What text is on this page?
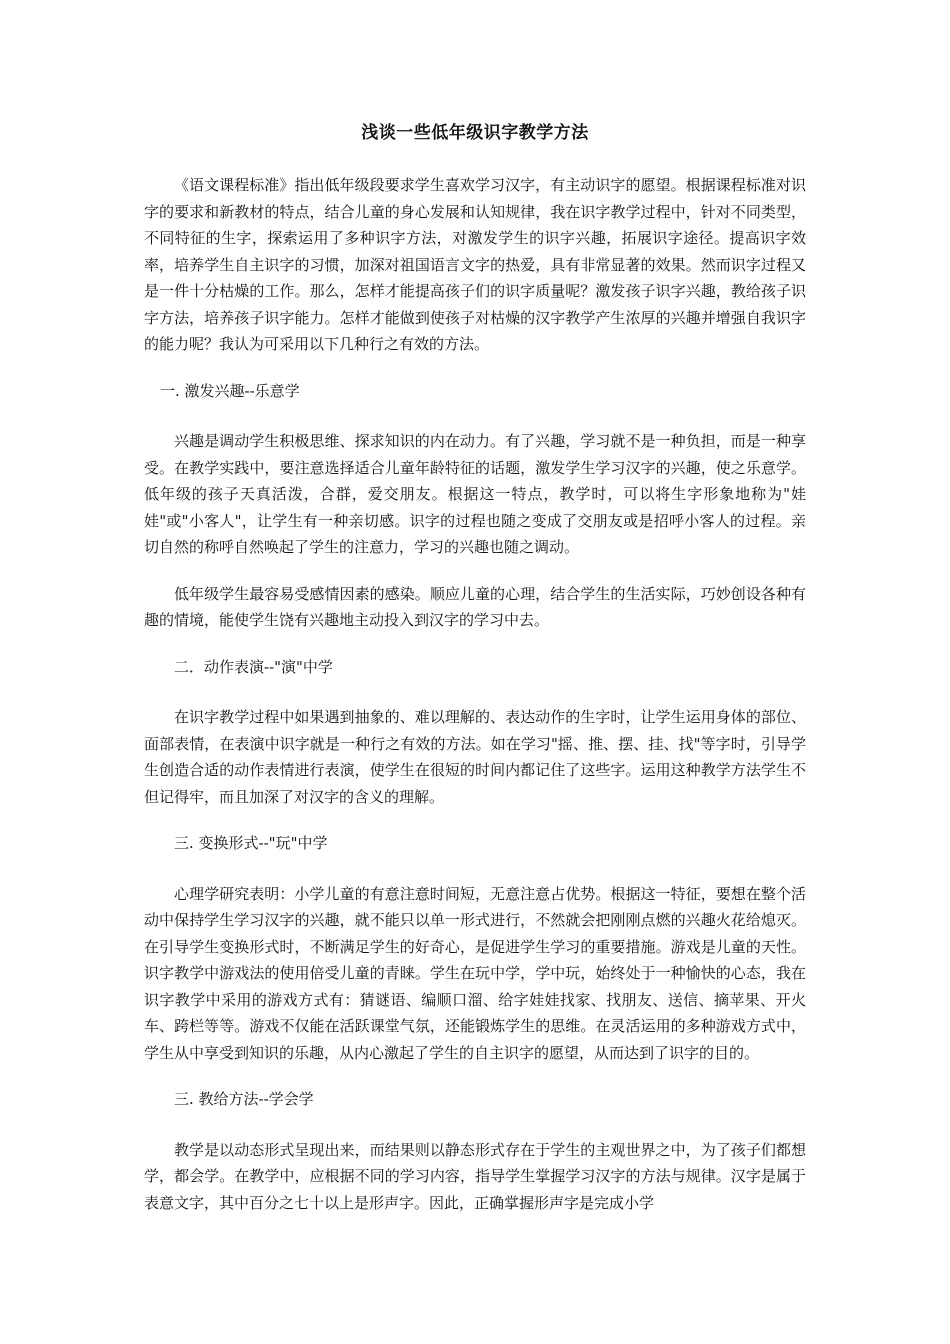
浅谈一些低年级识字教学方法

《语文课程标准》指出低年级段要求学生喜欢学习汉字，有主动识字的愿望。根据课程标准对识字的要求和新教材的特点，结合儿童的身心发展和认知规律，我在识字教学过程中，针对不同类型，不同特征的生字，探索运用了多种识字方法，对激发学生的识字兴趣，拓展识字途径。提高识字效率，培养学生自主识字的习惯，加深对祖国语言文字的热爱，具有非常显著的效果。然而识字过程又是一件十分枯燥的工作。那么，怎样才能提高孩子们的识字质量呢？激发孩子识字兴趣，教给孩子识字方法，培养孩子识字能力。怎样才能做到使孩子对枯燥的汉字教学产生浓厚的兴趣并增强自我识字的能力呢？我认为可采用以下几种行之有效的方法。

一. 激发兴趣--乐意学

兴趣是调动学生积极思维、探求知识的内在动力。有了兴趣，学习就不是一种负担，而是一种享受。在教学实践中，要注意选择适合儿童年龄特征的话题，激发学生学习汉字的兴趣，使之乐意学。低年级的孩子天真活泼，合群，爱交朋友。根据这一特点，教学时，可以将生字形象地称为"娃娃"或"小客人"，让学生有一种亲切感。识字的过程也随之变成了交朋友或是招呼小客人的过程。亲切自然的称呼自然唤起了学生的注意力，学习的兴趣也随之调动。

低年级学生最容易受感情因素的感染。顺应儿童的心理，结合学生的生活实际，巧妙创设各种有趣的情境，能使学生饶有兴趣地主动投入到汉字的学习中去。

二．动作表演--"演"中学

在识字教学过程中如果遇到抽象的、难以理解的、表达动作的生字时，让学生运用身体的部位、面部表情，在表演中识字就是一种行之有效的方法。如在学习"摇、推、摆、挂、找"等字时，引导学生创造合适的动作表情进行表演，使学生在很短的时间内都记住了这些字。运用这种教学方法学生不但记得牢，而且加深了对汉字的含义的理解。

三. 变换形式--"玩"中学

心理学研究表明：小学儿童的有意注意时间短，无意注意占优势。根据这一特征，要想在整个活动中保持学生学习汉字的兴趣，就不能只以单一形式进行，不然就会把刚刚点燃的兴趣火花给熄灭。在引导学生变换形式时，不断满足学生的好奇心，是促进学生学习的重要措施。游戏是儿童的天性。识字教学中游戏法的使用倍受儿童的青睐。学生在玩中学，学中玩，始终处于一种愉快的心态，我在识字教学中采用的游戏方式有：猜谜语、编顺口溜、给字娃娃找家、找朋友、送信、摘苹果、开火车、跨栏等等。游戏不仅能在活跃课堂气氛，还能锻炼学生的思维。在灵活运用的多种游戏方式中，学生从中享受到知识的乐趣，从内心激起了学生的自主识字的愿望，从而达到了识字的目的。

三. 教给方法--学会学

教学是以动态形式呈现出来，而结果则以静态形式存在于学生的主观世界之中，为了孩子们都想学，都会学。在教学中，应根据不同的学习内容，指导学生掌握学习汉字的方法与规律。汉字是属于表意文字，其中百分之七十以上是形声字。因此，正确掌握形声字是完成小学
